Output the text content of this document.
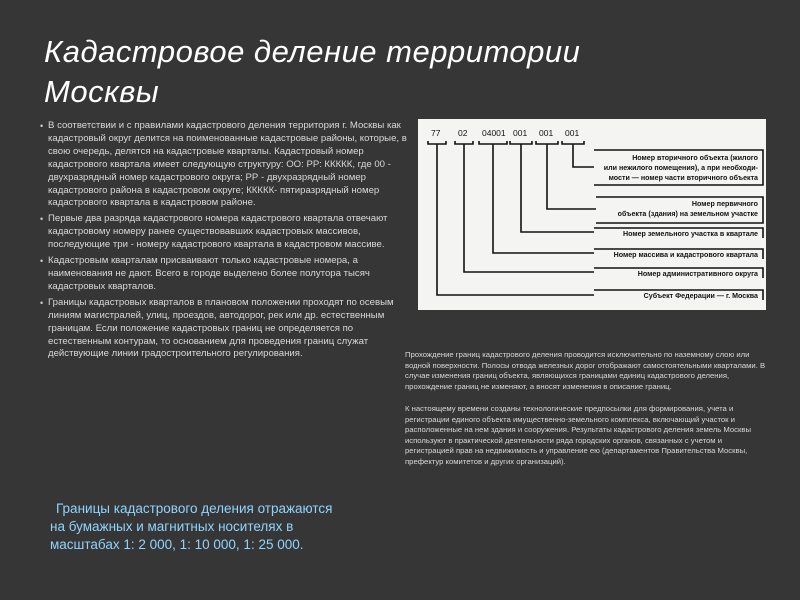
Кадастровое деление территории
Москвы
• В соответствии и с правилами кадастрового деления территория г. Москвы как кадастровый округ делится на поименованные кадастровые районы, которые, в свою очередь, делятся на кадастровые кварталы. Кадастровый номер кадастрового квартала имеет следующую структуру: ОО: РР: ККККК, где 00 - двухразрядный номер кадастрового округа; РР - двухразрядный номер кадастрового района в кадастровом округе; ККККК- пятиразрядный номер кадастрового квартала в кадастровом районе.
• Первые два разряда кадастрового номера кадастрового квартала отвечают кадастровому номеру ранее существовавших кадастровых массивов, последующие три - номеру кадастрового квартала в кадастровом массиве.
• Кадастровым кварталам присваивают только кадастровые номера, а наименования не дают. Всего в городе выделено более полутора тысяч кадастровых кварталов.
• Границы кадастровых кварталов в плановом положении проходят по осевым линиям магистралей, улиц, проездов, автодорог, рек или др. естественным границам. Если положение кадастровых границ не определяется по естественным контурам, то основанием для проведения границ служат действующие линии градостроительного регулирования.
Границы кадастрового деления отражаются
на бумажных и магнитных носителях в
масштабах 1: 2 000, 1: 10 000, 1: 25 000.
77 02 04001 001 001 001
Номер вторичного объекта (жилого
или нежилого помещения), а при необходи-
мости — номер части вторичного объекта
Номер первичного
объекта (здания) на земельном участке
Номер земельного участка в квартале
Номер массива и кадастрового квартала
Номер административного округа
Субъект Федерации — г. Москва

Прохождение границ кадастрового деления проводится исключительно по наземному слою или водной поверхности. Полосы отвода железных дорог отображают самостоятельными кварталами. В случае изменения границ объекта, являющихся границами единиц кадастрового деления, прохождение границ не изменяют, а вносят изменения в описание границ.

К настоящему времени созданы технологические предпосылки для формирования, учета и регистрации единого объекта имущественно-земельного комплекса, включающий участок и расположенные на нем здания и сооружения. Результаты кадастрового деления земель Москвы используют в практической деятельности ряда городских органов, связанных с учетом и регистрацией прав на недвижимость и управление ею (департаментов Правительства Москвы, префектур комитетов и других организаций).
